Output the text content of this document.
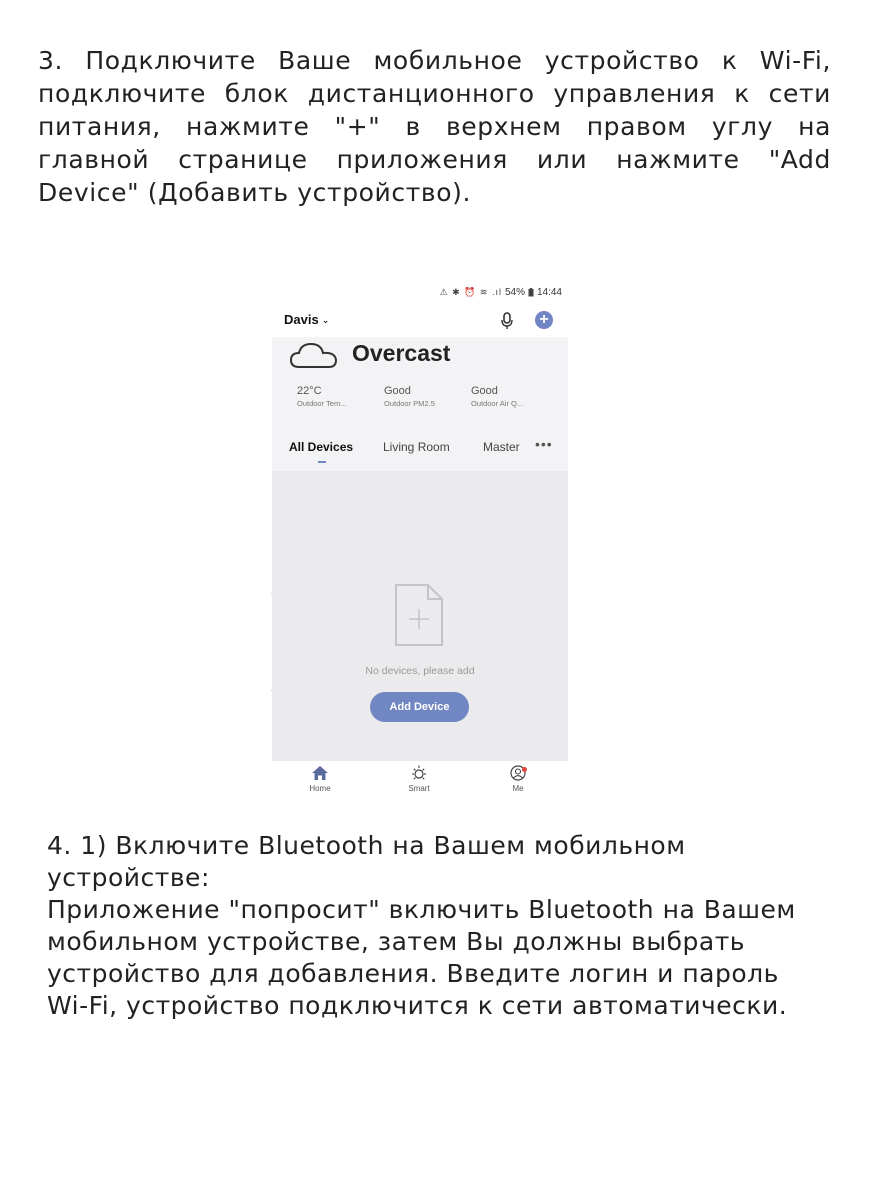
3. Подключите Ваше мобильное устройство к Wi-Fi, подключите блок дистанционного управления к сети питания, нажмите "+" в верхнем правом углу на главной странице приложения или нажмите "Add Device" (Добавить устройство).
⚠ ✱ ⏰ ≋ .ıl 54% 14:44
Davis ⌄	+
Overcast
22°C
Outdoor Tem...
Good
Outdoor PM2.5
Good
Outdoor Air Q...
All Devices Living Room	Master •••
No devices, please add
Add Device
Home	Smart	Me

4. 1) Включите Bluetooth на Вашем мобильном устройстве:

Приложение "попросит" включить Bluetooth на Вашем мобильном устройстве, затем Вы должны выбрать устройство для добавления. Введите логин и пароль Wi-Fi, устройство подключится к сети автоматически.
